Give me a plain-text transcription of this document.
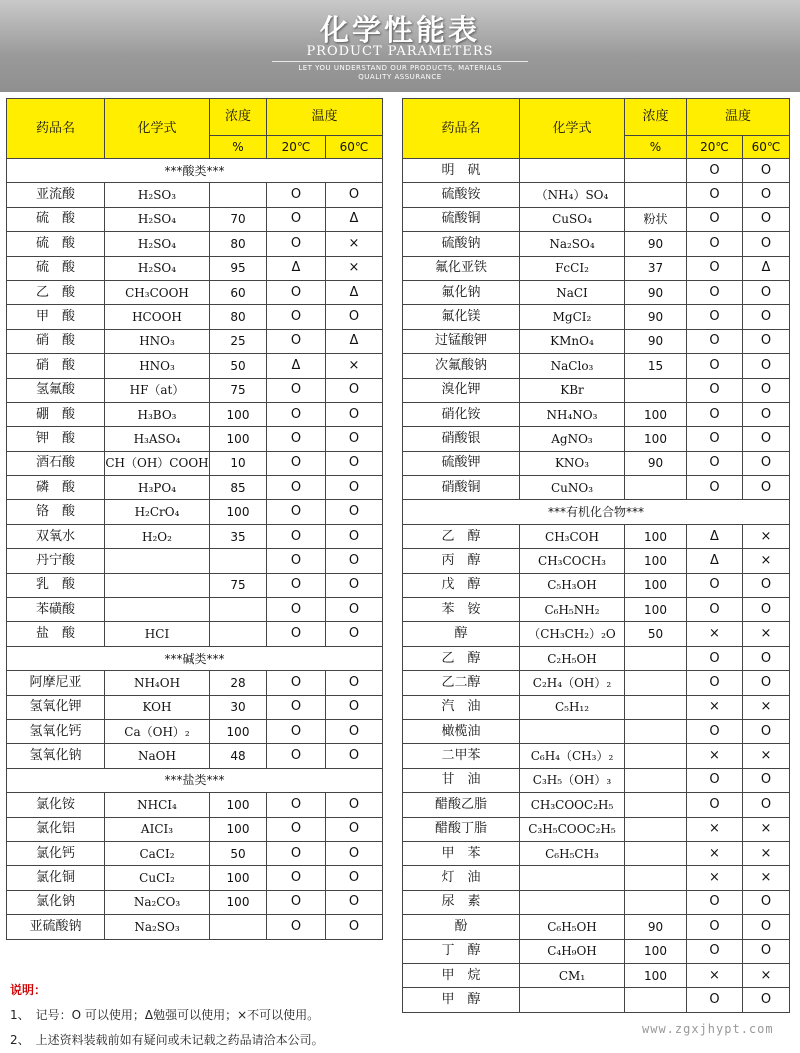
化学性能表
PRODUCT PARAMETERS
LET YOU UNDERSTAND OUR PRODUCTS, MATERIALS
QUALITY ASSURANCE
药品名	化学式	浓度	温度	
		%	20℃	60℃
***酸类***				
亚流酸	H₂SO₃		O	O
硫　酸	H₂SO₄	70	O	Δ
硫　酸	H₂SO₄	80	O	×
硫　酸	H₂SO₄	95	Δ	×
乙　酸	CH₃COOH	60	O	Δ
甲　酸	HCOOH	80	O	O
硝　酸	HNO₃	25	O	Δ
硝　酸	HNO₃	50	Δ	×
氢氟酸	HF（at）	75	O	O
硼　酸	H₃BO₃	100	O	O
钾　酸	H₃ASO₄	100	O	O
酒石酸	CH（OH）COOH	10	O	O
磷　酸	H₃PO₄	85	O	O
铬　酸	H₂CrO₄	100	O	O
双氧水	H₂O₂	35	O	O
丹宁酸			O	O
乳　酸		75	O	O
苯磺酸			O	O
盐　酸	HCI		O	O
***碱类***				
阿摩尼亚	NH₄OH	28	O	O
氢氧化钾	KOH	30	O	O
氢氧化钙	Ca（OH）₂	100	O	O
氢氧化钠	NaOH	48	O	O
***盐类***				
氯化铵	NHCI₄	100	O	O
氯化铝	AICI₃	100	O	O
氯化钙	CaCI₂	50	O	O
氯化铜	CuCI₂	100	O	O
氯化钠	Na₂CO₃	100	O	O
亚硫酸钠	Na₂SO₃		O	O
药品名	化学式	浓度	温度	
		%	20℃	60℃
明　矾			O	O
硫酸铵	（NH₄）SO₄		O	O
硫酸铜	CuSO₄	粉状	O	O
硫酸钠	Na₂SO₄	90	O	O
氟化亚铁	FcCI₂	37	O	Δ
氟化钠	NaCI	90	O	O
氟化镁	MgCI₂	90	O	O
过锰酸钾	KMnO₄	90	O	O
次氟酸钠	NaClo₃	15	O	O
溴化钾	KBr		O	O
硝化铵	NH₄NO₃	100	O	O
硝酸银	AgNO₃	100	O	O
硫酸钾	KNO₃	90	O	O
硝酸铜	CuNO₃		O	O
***有机化合物***				
乙　醇	CH₃COH	100	Δ	×
丙　醇	CH₃COCH₃	100	Δ	×
戊　醇	C₅H₃OH	100	O	O
苯　铵	C₆H₅NH₂	100	O	O
醇	（CH₃CH₂）₂O	50	×	×
乙　醇	C₂H₅OH		O	O
乙二醇	C₂H₄（OH）₂		O	O
汽　油	C₅H₁₂		×	×
橄榄油			O	O
二甲苯	C₆H₄（CH₃）₂		×	×
甘　油	C₃H₅（OH）₃		O	O
醋酸乙脂	CH₃COOC₂H₅		O	O
醋酸丁脂	C₃H₅COOC₂H₅		×	×
甲　苯	C₆H₅CH₃		×	×
灯　油			×	×
尿　素			O	O
酚	C₆H₅OH	90	O	O
丁　醇	C₄H₉OH	100	O	O
甲　烷	CM₁	100	×	×
甲　醇			O	O
说明：
1、　记号：O 可以使用；Δ勉强可以使用；×不可以使用。
2、　上述资料装载前如有疑问或未记载之药品请洽本公司。
www.zgxjhypt.com
